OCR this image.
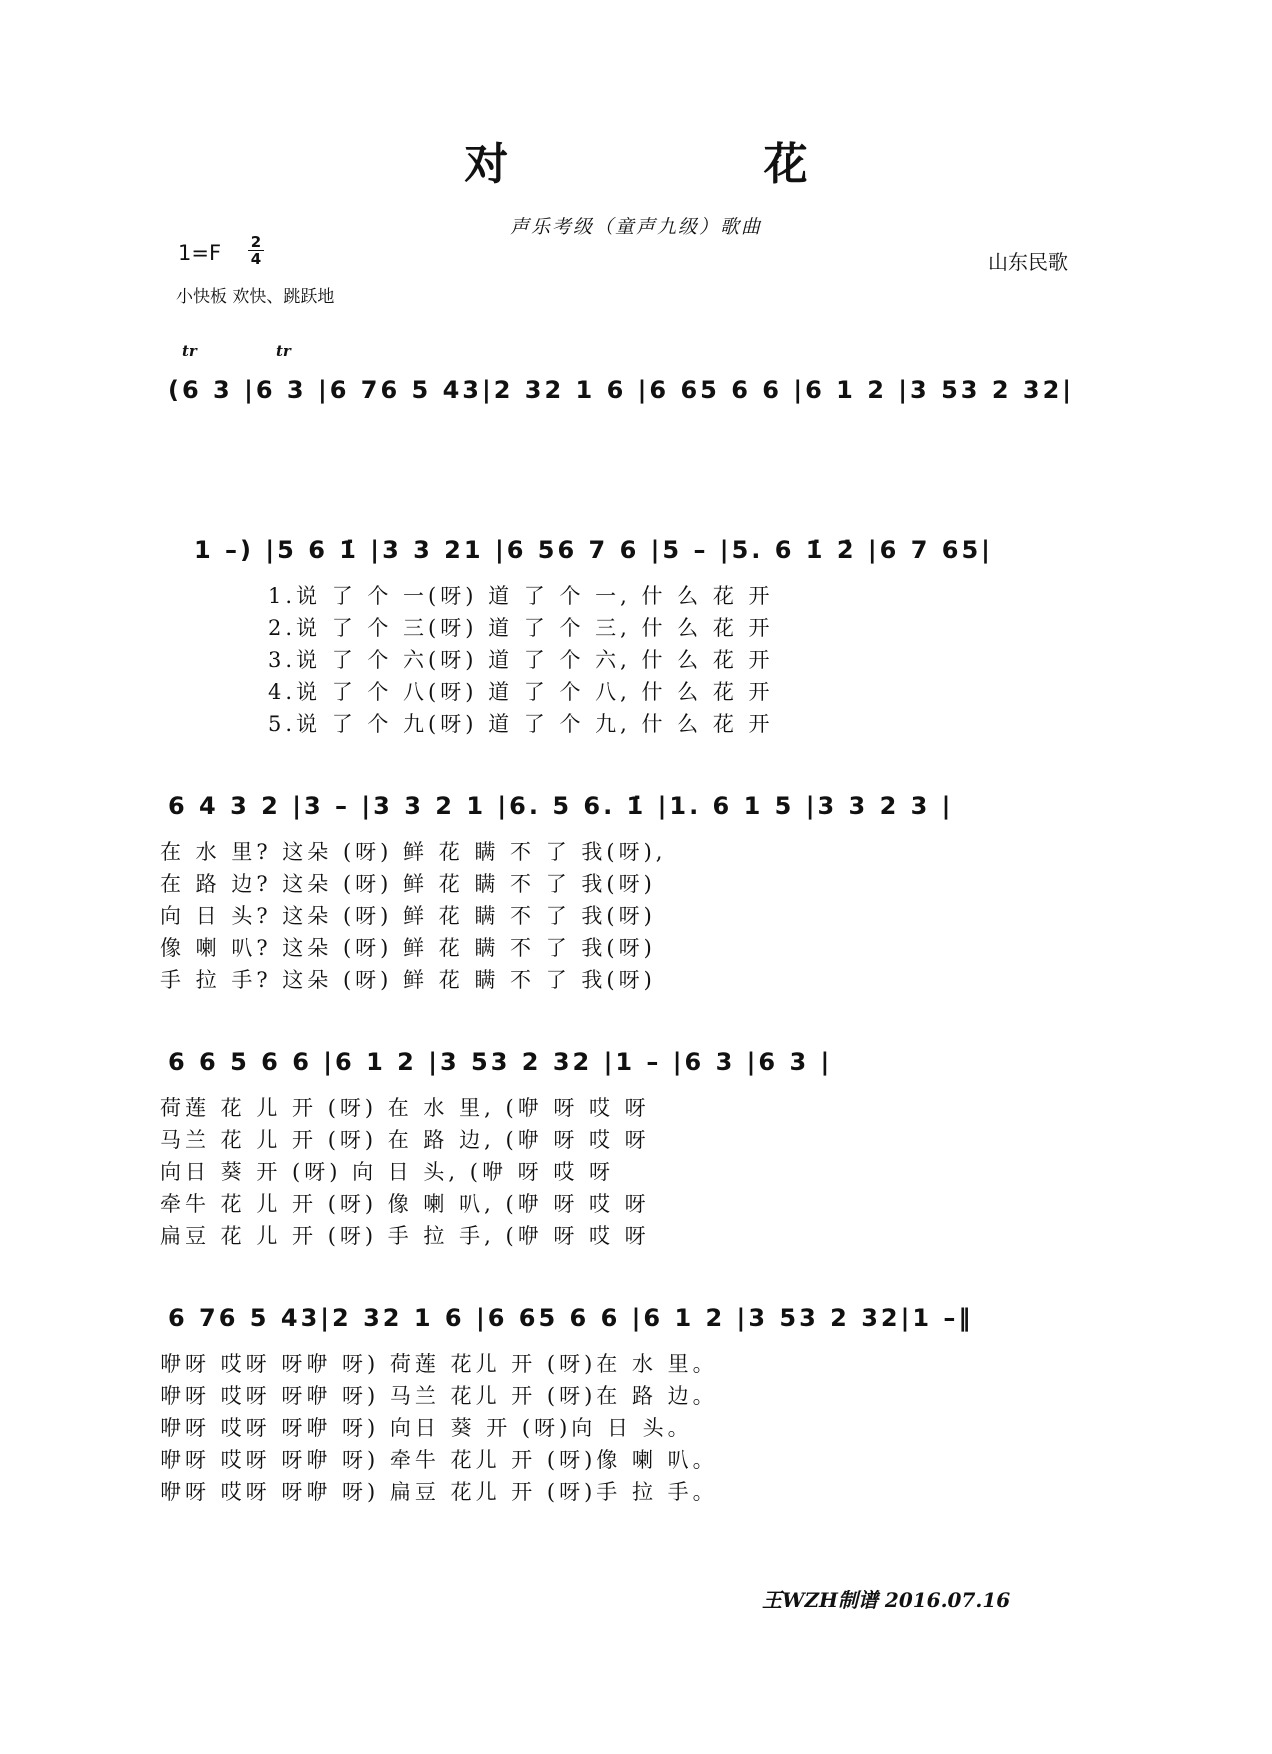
对 花
声乐考级（童声九级）歌曲
1=F 2
4
小快板 欢快、跳跃地
山东民歌
tr	tr
(6 3 |6 3 |6 76 5 43|2 32 1 6 |6 65 6 6 |6 1 2 |3 53 2 32|
1 –) |5 6 1̇ |3 3 21 |6 56 7 6 |5 – |5. 6 1̇ 2̇ |6 7 65|
1.说 了 个 一(呀) 道 了 个 一, 什 么 花 开
2.说 了 个 三(呀) 道 了 个 三, 什 么 花 开
3.说 了 个 六(呀) 道 了 个 六, 什 么 花 开
4.说 了 个 八(呀) 道 了 个 八, 什 么 花 开
5.说 了 个 九(呀) 道 了 个 九, 什 么 花 开
6 4 3 2 |3 – |3 3 2 1 |6. 5 6. 1̇ |1. 6 1 5 |3 3 2 3 |
在 水 里? 这朵 (呀) 鲜 花 瞒 不 了 我(呀),
在 路 边? 这朵 (呀) 鲜 花 瞒 不 了 我(呀)
向 日 头? 这朵 (呀) 鲜 花 瞒 不 了 我(呀)
像 喇 叭? 这朵 (呀) 鲜 花 瞒 不 了 我(呀)
手 拉 手? 这朵 (呀) 鲜 花 瞒 不 了 我(呀)
6 6 5 6 6 |6 1 2 |3 53 2 32 |1 – |6 3 |6 3 |
荷莲 花 儿 开 (呀) 在 水 里, (咿 呀 哎 呀
马兰 花 儿 开 (呀) 在 路 边, (咿 呀 哎 呀
向日 葵 开 (呀) 向 日 头, (咿 呀 哎 呀
牵牛 花 儿 开 (呀) 像 喇 叭, (咿 呀 哎 呀
扁豆 花 儿 开 (呀) 手 拉 手, (咿 呀 哎 呀
6 76 5 43|2 32 1 6 |6 65 6 6 |6 1 2 |3 53 2 32|1 –‖
咿呀 哎呀 呀咿 呀) 荷莲 花儿 开 (呀)在 水 里。
咿呀 哎呀 呀咿 呀) 马兰 花儿 开 (呀)在 路 边。
咿呀 哎呀 呀咿 呀) 向日 葵 开 (呀)向 日 头。
咿呀 哎呀 呀咿 呀) 牵牛 花儿 开 (呀)像 喇 叭。
咿呀 哎呀 呀咿 呀) 扁豆 花儿 开 (呀)手 拉 手。
王WZH制谱 2016.07.16
